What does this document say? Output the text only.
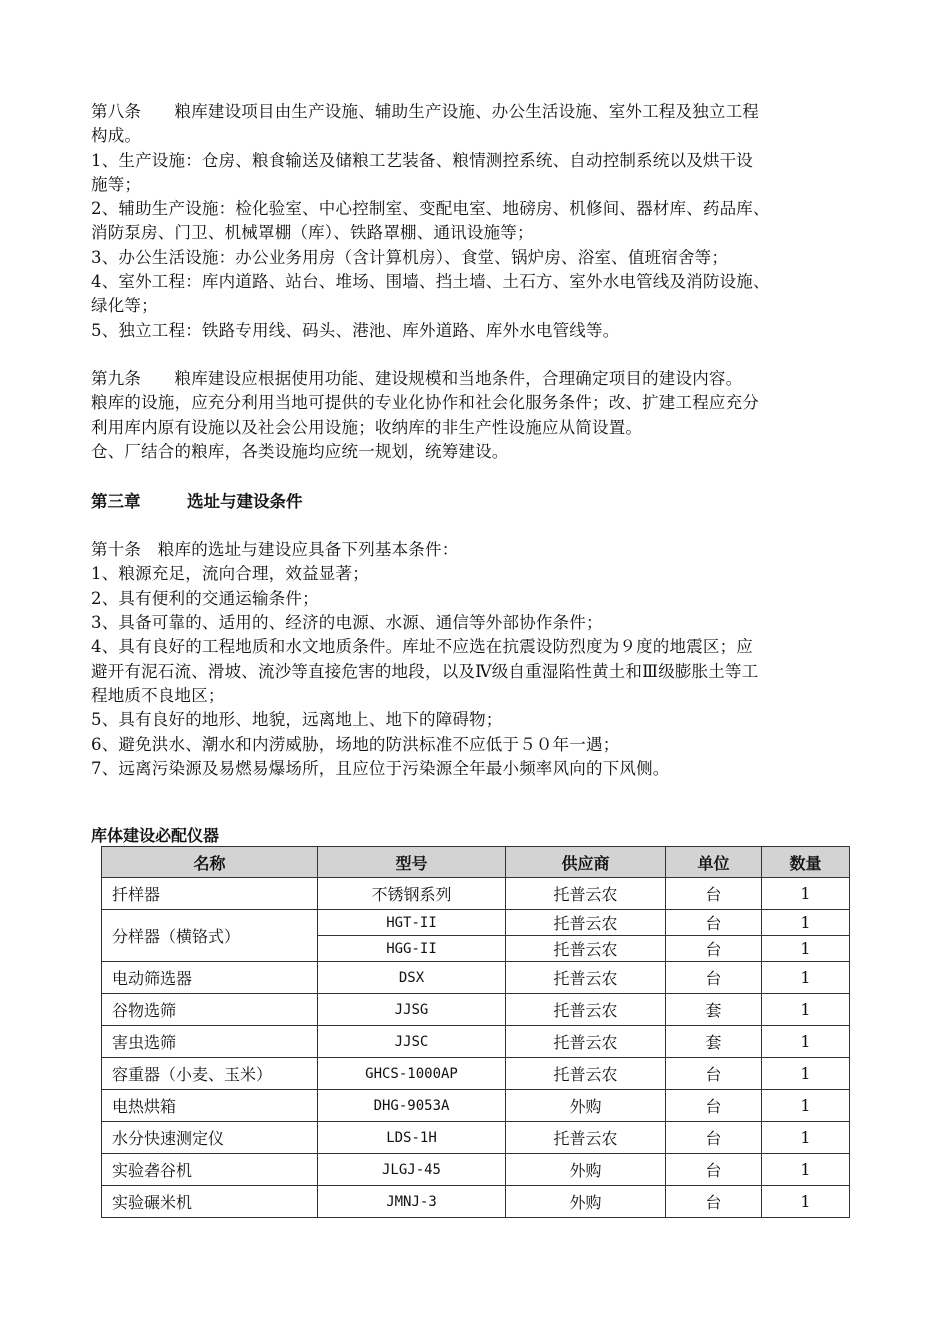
第八条　　粮库建设项目由生产设施、辅助生产设施、办公生活设施、室外工程及独立工程
构成。
1、生产设施：仓房、粮食输送及储粮工艺装备、粮情测控系统、自动控制系统以及烘干设
施等；
2、辅助生产设施：检化验室、中心控制室、变配电室、地磅房、机修间、器材库、药品库、
消防泵房、门卫、机械罩棚（库）、铁路罩棚、通讯设施等；
3、办公生活设施：办公业务用房（含计算机房）、食堂、锅炉房、浴室、值班宿舍等；
4、室外工程：库内道路、站台、堆场、围墙、挡土墙、土石方、室外水电管线及消防设施、
绿化等；
5、独立工程：铁路专用线、码头、港池、库外道路、库外水电管线等。
第九条　　粮库建设应根据使用功能、建设规模和当地条件，合理确定项目的建设内容。
粮库的设施，应充分利用当地可提供的专业化协作和社会化服务条件；改、扩建工程应充分
利用库内原有设施以及社会公用设施；收纳库的非生产性设施应从简设置。
仓、厂结合的粮库，各类设施均应统一规划，统筹建设。
第三章	选址与建设条件
第十条　粮库的选址与建设应具备下列基本条件：
1、粮源充足，流向合理，效益显著；
2、具有便利的交通运输条件；
3、具备可靠的、适用的、经济的电源、水源、通信等外部协作条件；
4、具有良好的工程地质和水文地质条件。库址不应选在抗震设防烈度为９度的地震区；应
避开有泥石流、滑坡、流沙等直接危害的地段，以及Ⅳ级自重湿陷性黄土和Ⅲ级膨胀土等工
程地质不良地区；
5、具有良好的地形、地貌，远离地上、地下的障碍物；
6、避免洪水、潮水和内涝威胁，场地的防洪标准不应低于５０年一遇；
7、远离污染源及易燃易爆场所，且应位于污染源全年最小频率风向的下风侧。
库体建设必配仪器
名称	型号	供应商	单位	数量
扦样器	不锈钢系列	托普云农	台	1
分样器（横铬式）	HGT-II	托普云农	台	1
	HGG-II	托普云农	台	1
电动筛选器	DSX	托普云农	台	1
谷物选筛	JJSG	托普云农	套	1
害虫选筛	JJSC	托普云农	套	1
容重器（小麦、玉米）	GHCS-1000AP	托普云农	台	1
电热烘箱	DHG-9053A	外购	台	1
水分快速测定仪	LDS-1H	托普云农	台	1
实验砻谷机	JLGJ-45	外购	台	1
实验碾米机	JMNJ-3	外购	台	1
